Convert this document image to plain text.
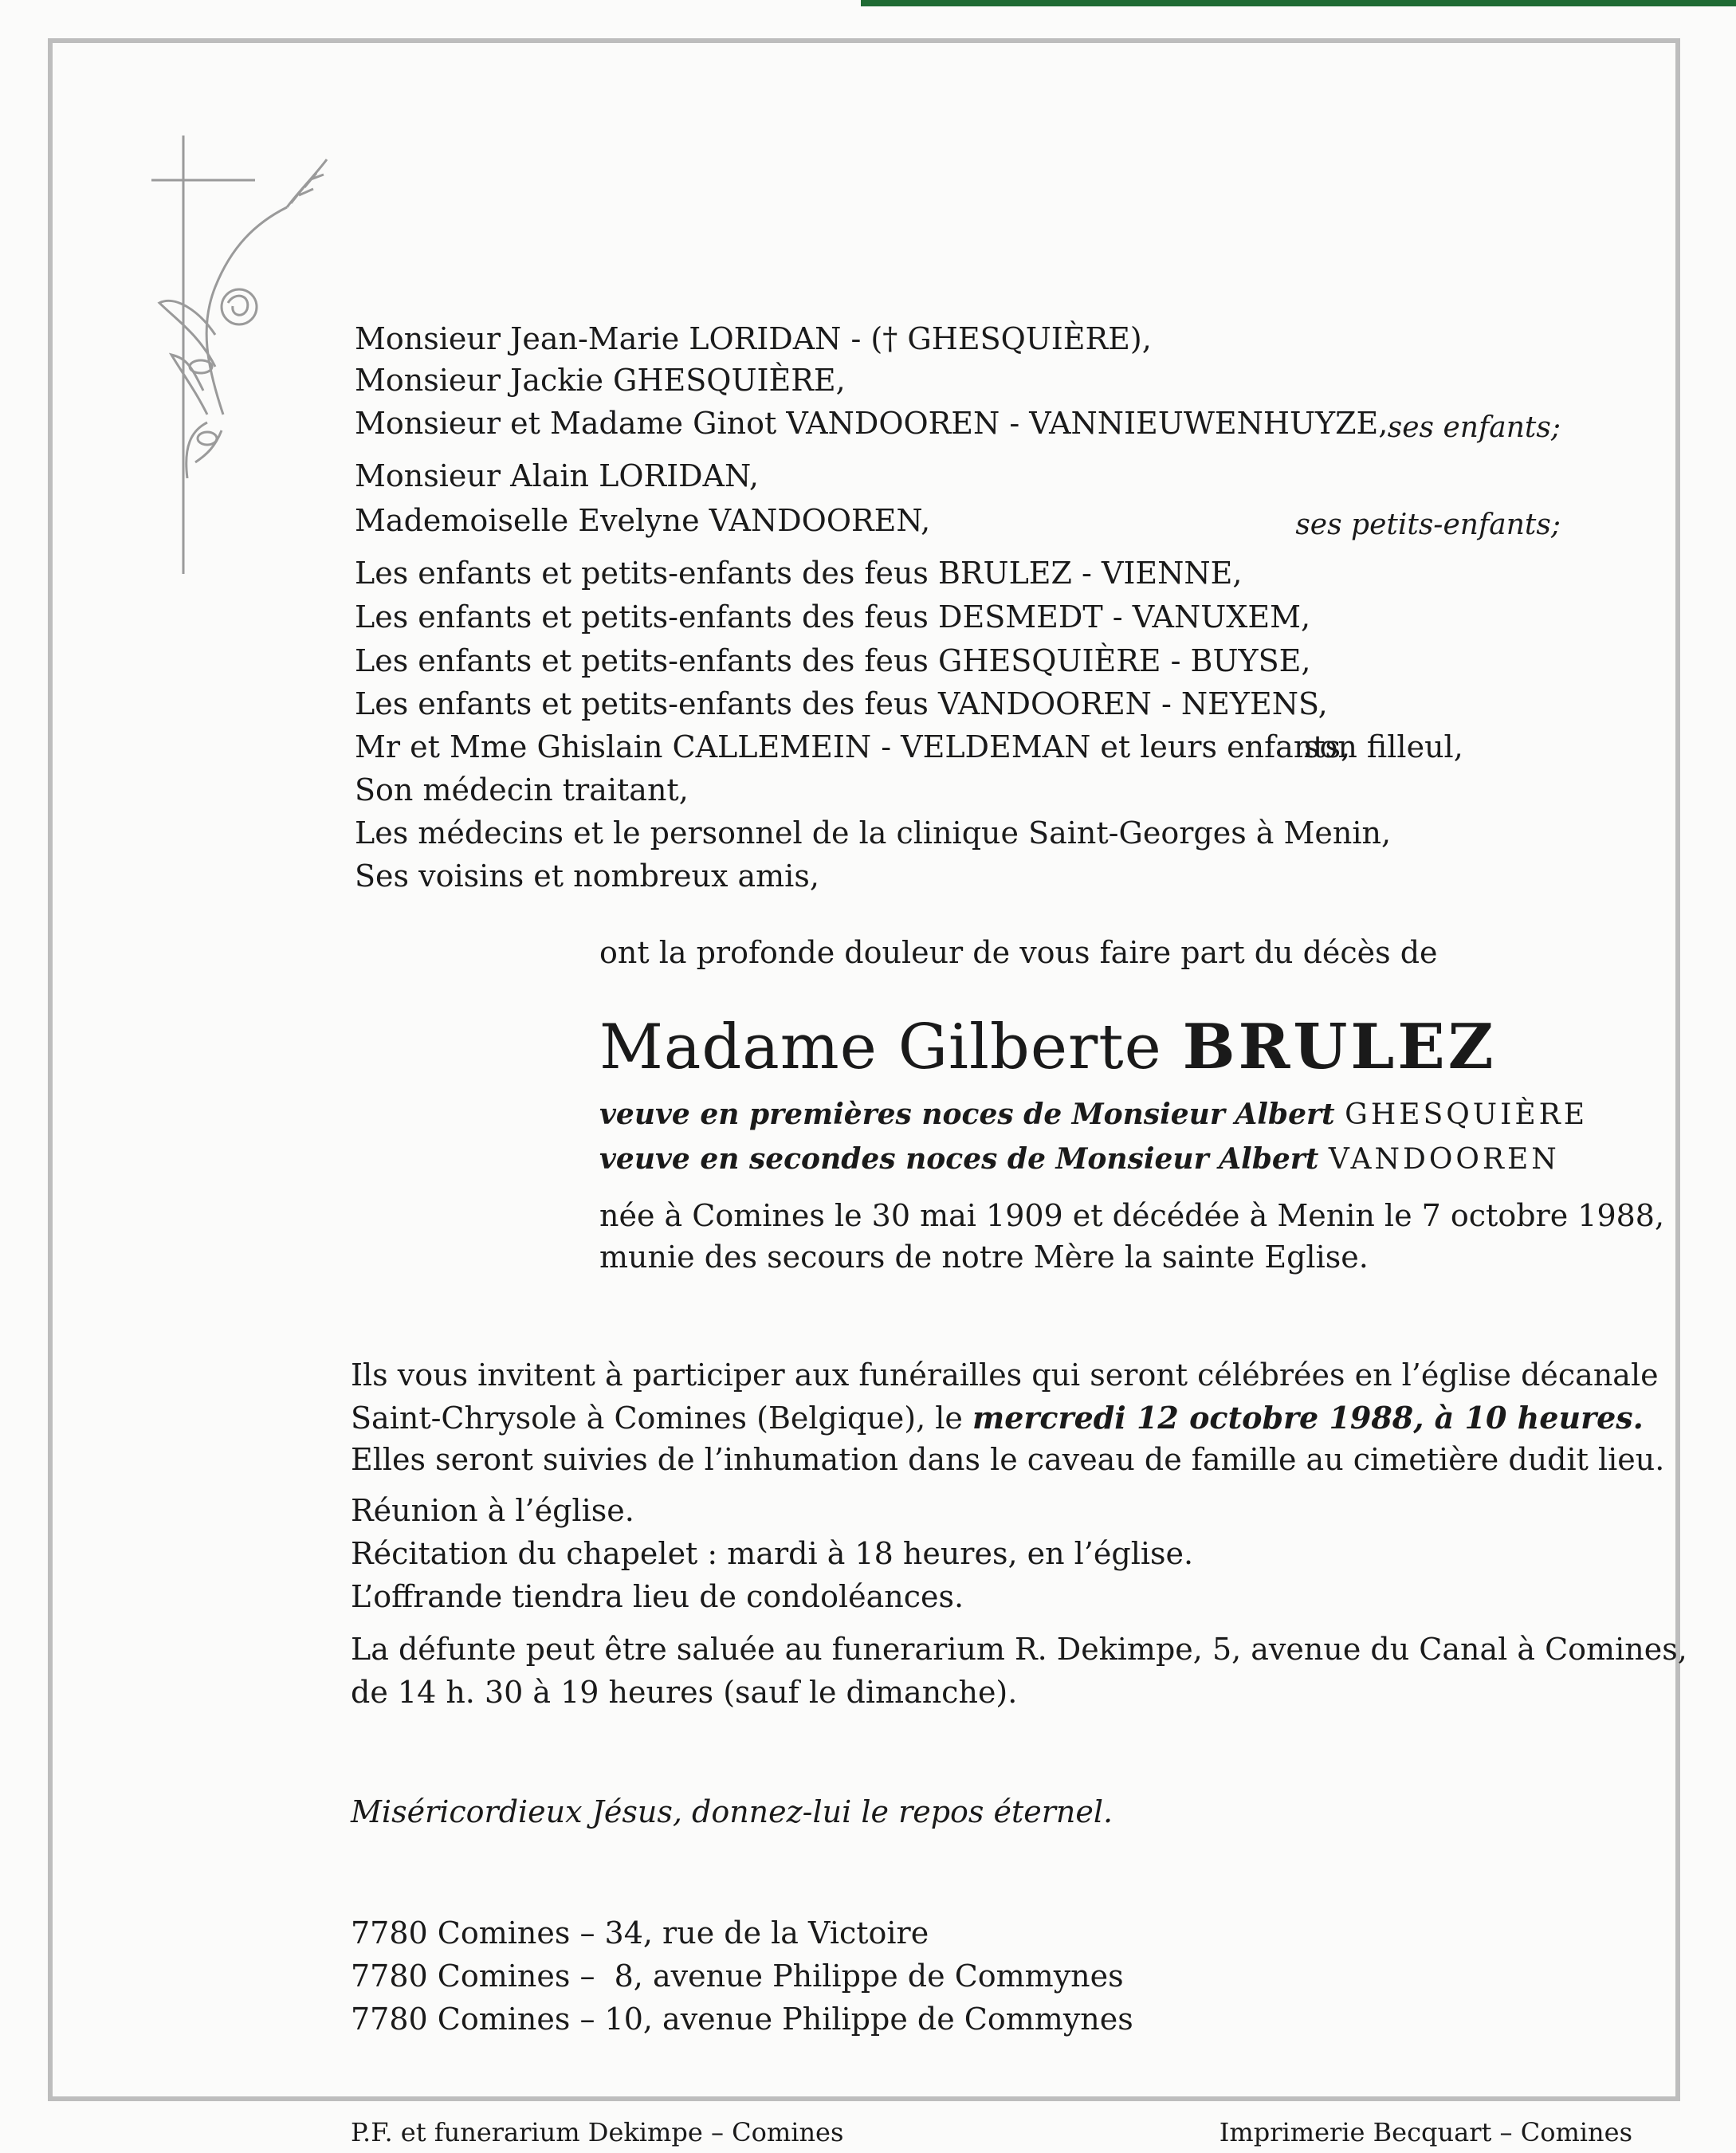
Monsieur Jean-Marie LORIDAN - († GHESQUIÈRE),
Monsieur Jackie GHESQUIÈRE,
Monsieur et Madame Ginot VANDOOREN - VANNIEUWENHUYZE, ses enfants;
Monsieur Alain LORIDAN,
Mademoiselle Evelyne VANDOOREN,	ses petits-enfants;
Les enfants et petits-enfants des feus BRULEZ - VIENNE,
Les enfants et petits-enfants des feus DESMEDT - VANUXEM,
Les enfants et petits-enfants des feus GHESQUIÈRE - BUYSE,
Les enfants et petits-enfants des feus VANDOOREN - NEYENS,
Mr et Mme Ghislain CALLEMEIN - VELDEMAN et leurs enfants,
son filleul,
Son médecin traitant,
Les médecins et le personnel de la clinique Saint-Georges à Menin,
Ses voisins et nombreux amis,
ont la profonde douleur de vous faire part du décès de
Madame Gilberte BRULEZ
veuve en premières noces de Monsieur Albert GHESQUIÈRE
veuve en secondes noces de Monsieur Albert VANDOOREN
née à Comines le 30 mai 1909 et décédée à Menin le 7 octobre 1988,
munie des secours de notre Mère la sainte Eglise.
Ils vous invitent à participer aux funérailles qui seront célébrées en l’église décanale
Saint-Chrysole à Comines (Belgique), le mercredi 12 octobre 1988, à 10 heures.
Elles seront suivies de l’inhumation dans le caveau de famille au cimetière dudit lieu.
Réunion à l’église.
Récitation du chapelet : mardi à 18 heures, en l’église.
L’offrande tiendra lieu de condoléances.
La défunte peut être saluée au funerarium R. Dekimpe, 5, avenue du Canal à Comines,
de 14 h. 30 à 19 heures (sauf le dimanche).
Miséricordieux Jésus, donnez-lui le repos éternel.
7780 Comines – 34, rue de la Victoire
7780 Comines –  8, avenue Philippe de Commynes
7780 Comines – 10, avenue Philippe de Commynes
P.F. et funerarium Dekimpe – Comines	Imprimerie Becquart – Comines
